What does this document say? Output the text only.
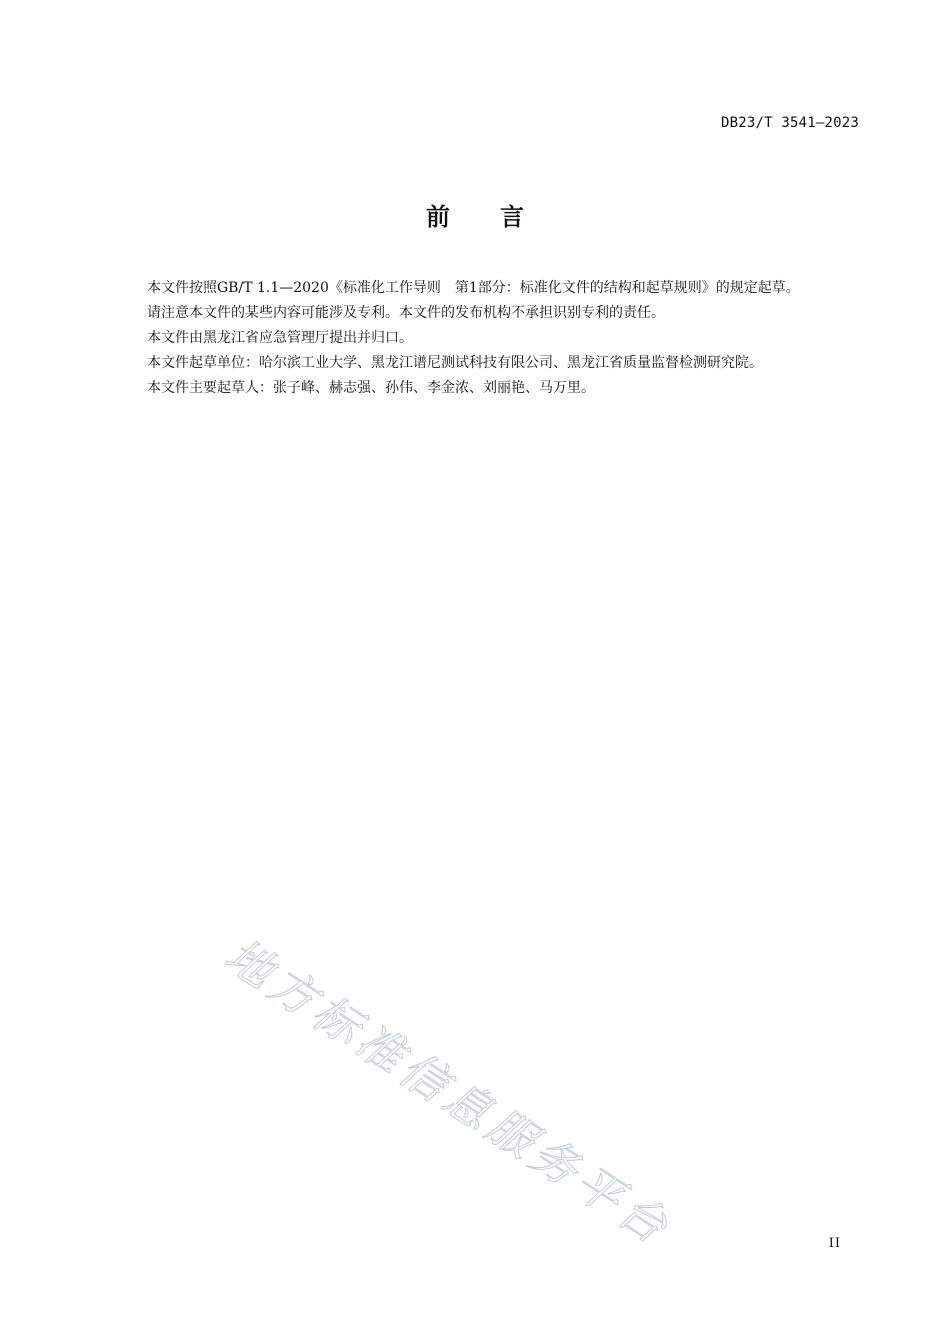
DB23/T 3541—2023
前 言

本文件按照GB/T 1.1—2020《标准化工作导则　第1部分：标准化文件的结构和起草规则》的规定起草。

请注意本文件的某些内容可能涉及专利。本文件的发布机构不承担识别专利的责任。

本文件由黑龙江省应急管理厅提出并归口。

本文件起草单位：哈尔滨工业大学、黑龙江谱尼测试科技有限公司、黑龙江省质量监督检测研究院。

本文件主要起草人：张子峰、赫志强、孙伟、李金浓、刘丽艳、马万里。

地方标准信息服务平台	II
